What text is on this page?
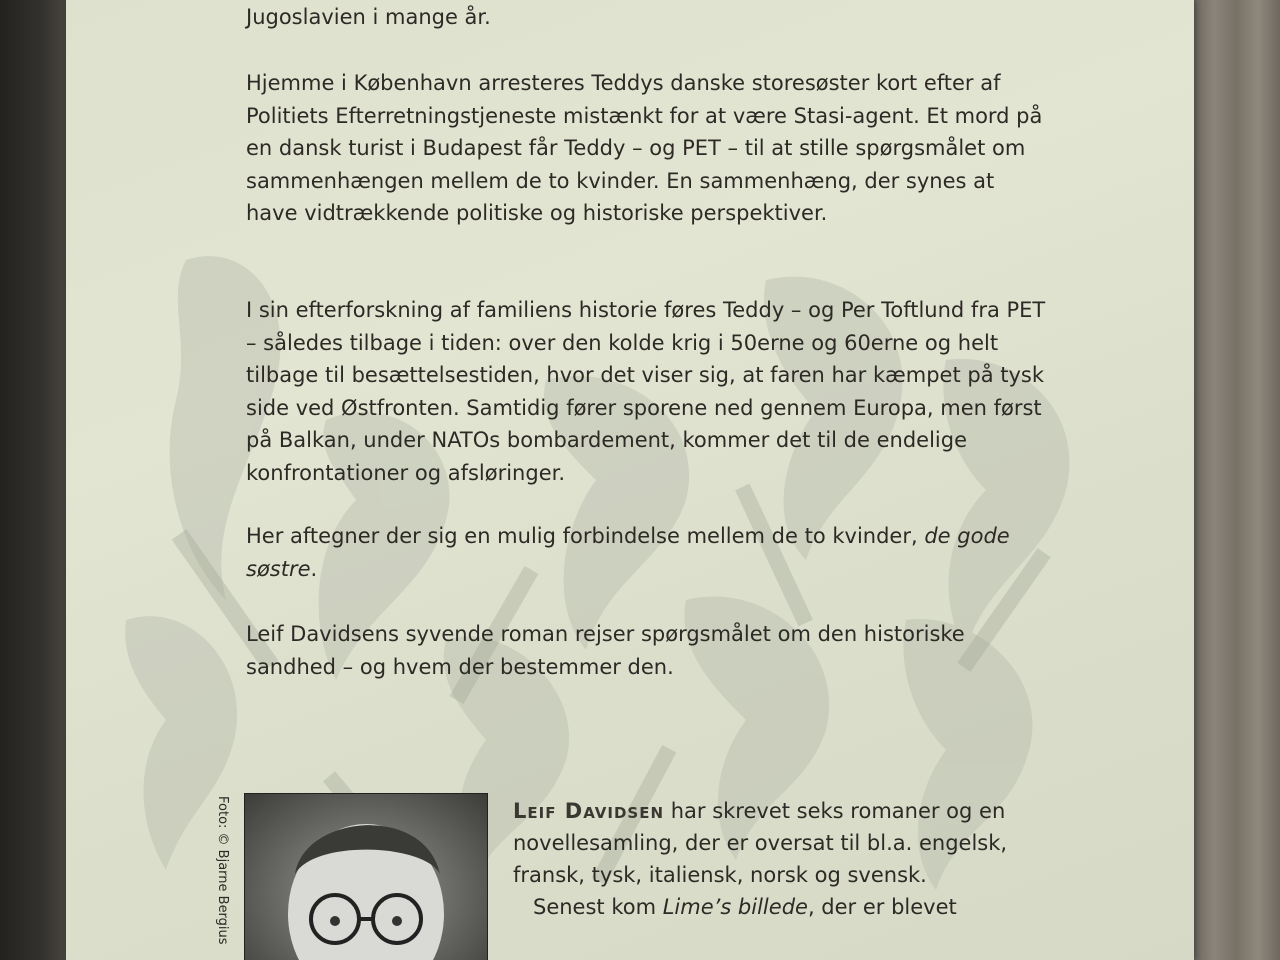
Jugoslavien i mange år.

Hjemme i København arresteres Teddys danske storesøster kort efter af Politiets Efterretningstjeneste mistænkt for at være Stasi-agent. Et mord på en dansk turist i Budapest får Teddy – og PET – til at stille spørgsmålet om sammenhængen mellem de to kvinder. En sammenhæng, der synes at have vidtrækkende politiske og historiske perspektiver.

I sin efterforskning af familiens historie føres Teddy – og Per Toftlund fra PET – således tilbage i tiden: over den kolde krig i 50erne og 60erne og helt tilbage til besættelsestiden, hvor det viser sig, at faren har kæmpet på tysk side ved Østfronten. Samtidig fører sporene ned gennem Europa, men først på Balkan, under NATOs bombardement, kommer det til de endelige konfrontationer og afsløringer.

Her aftegner der sig en mulig forbindelse mellem de to kvinder, de gode søstre.

Leif Davidsens syvende roman rejser spørgsmålet om den historiske sandhed – og hvem der bestemmer den.

Foto: © Bjarne Bergius	Leif Davidsen har skrevet seks romaner og en novellesamling, der er oversat til bl.a. engelsk, fransk, tysk, italiensk, norsk og svensk.
Senest kom Lime’s billede, der er blevet
